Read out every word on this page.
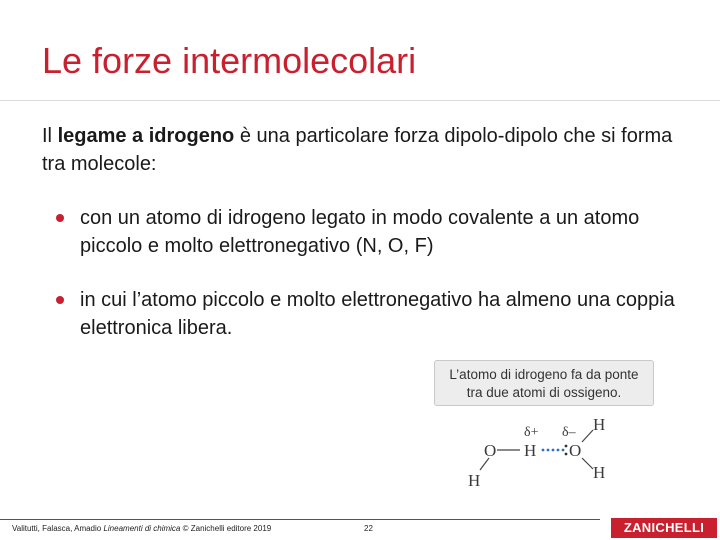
Le forze intermolecolari
Il legame a idrogeno è una particolare forza dipolo-dipolo che si forma tra molecole:
con un atomo di idrogeno legato in modo covalente a un atomo piccolo e molto elettronegativo (N, O, F)
in cui l’atomo piccolo e molto elettronegativo ha almeno una coppia elettronica libera.
L’atomo di idrogeno fa da ponte
tra due atomi di ossigeno.
O H O
H
H
H
δ+ δ–
Valitutti, Falasca, Amadio Lineamenti di chimica © Zanichelli editore 2019	22	ZANICHELLI
